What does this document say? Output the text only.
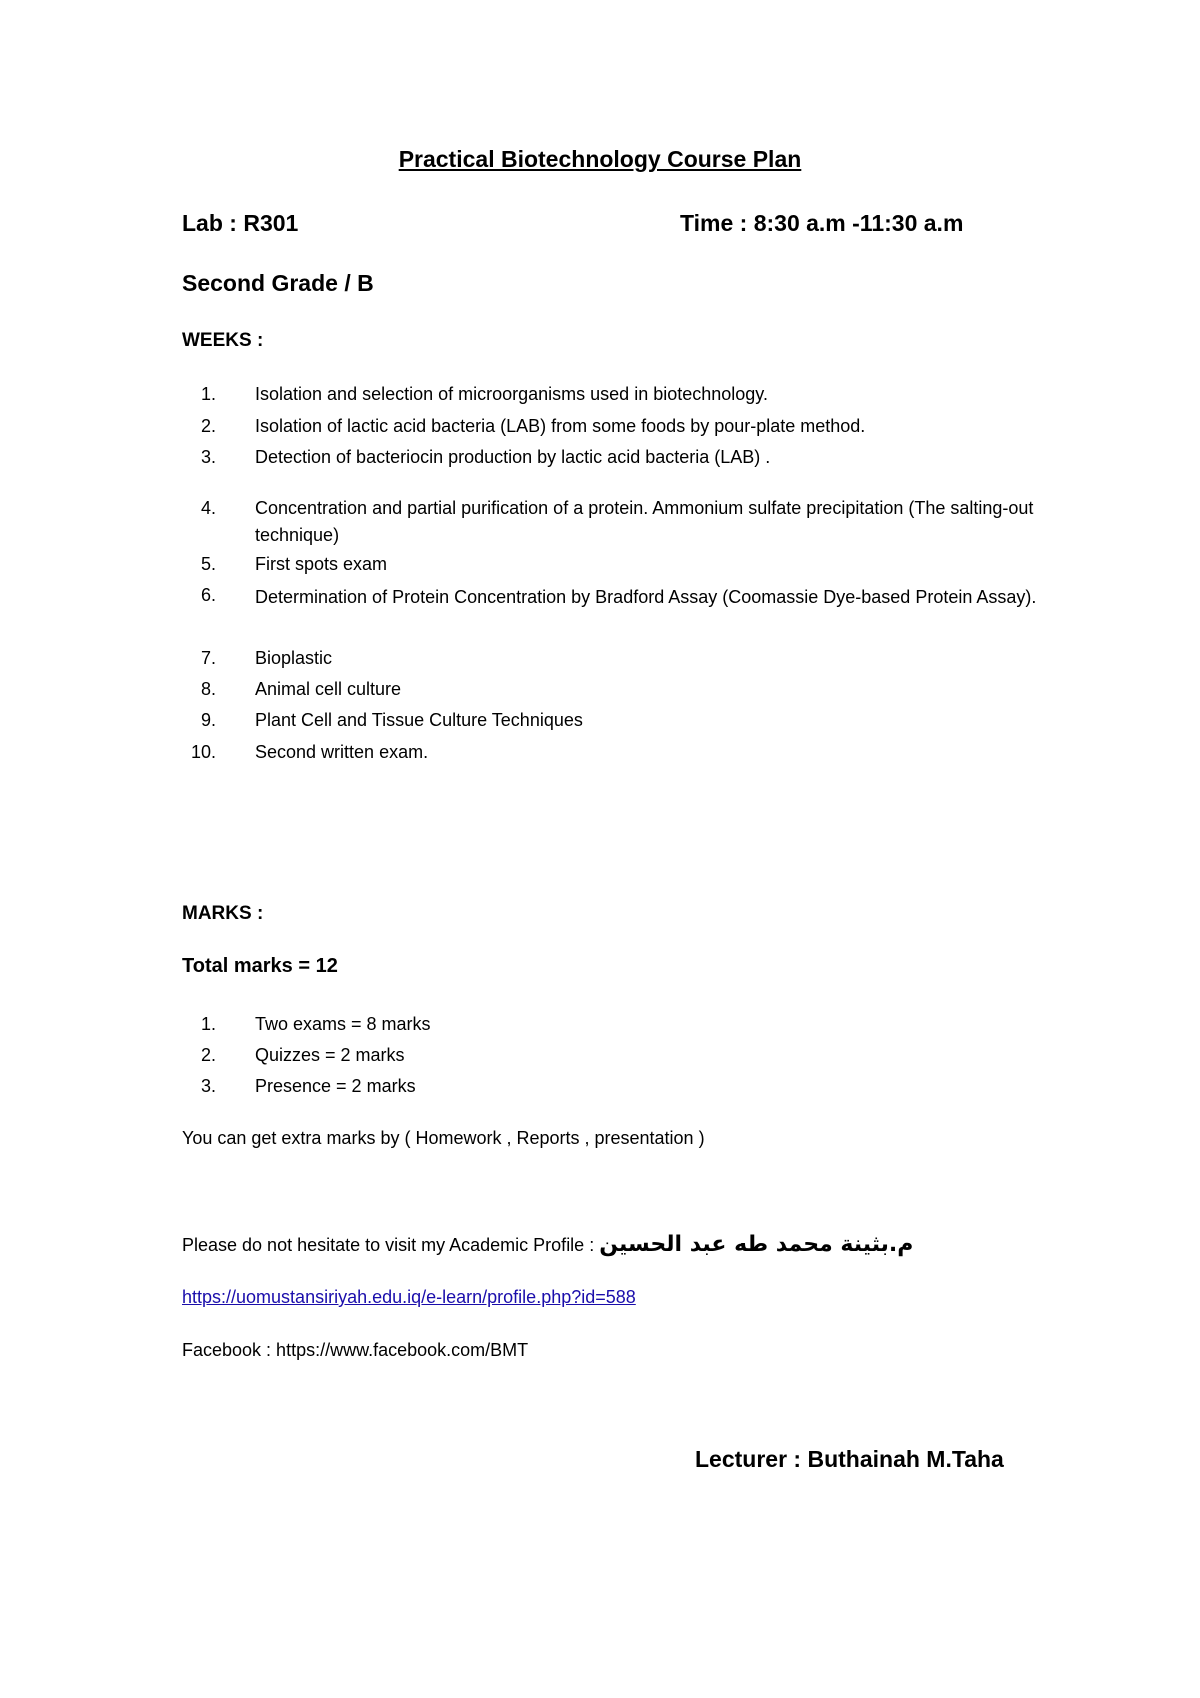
Practical Biotechnology Course Plan
Lab : R301	Time : 8:30 a.m -11:30 a.m
Second Grade / B
WEEKS :
1. Isolation and selection of microorganisms used in biotechnology.
2. Isolation of lactic acid bacteria (LAB) from some foods by pour-plate method.
3. Detection of bacteriocin production by lactic acid bacteria (LAB) .
4. Concentration and partial purification of a protein. Ammonium sulfate precipitation (The salting-out technique)
5. First spots exam
6. Determination of Protein Concentration by Bradford Assay (Coomassie Dye-based Protein Assay).
7. Bioplastic
8. Animal cell culture
9. Plant Cell and Tissue Culture Techniques
10. Second written exam.
MARKS :
Total marks = 12
1. Two exams = 8 marks
2. Quizzes = 2 marks
3. Presence = 2 marks
You can get extra marks by ( Homework , Reports , presentation )
Please do not hesitate to visit my Academic Profile : م.بثينة محمد طه عبد الحسين
https://uomustansiriyah.edu.iq/e-learn/profile.php?id=588
Facebook : https://www.facebook.com/BMT
Lecturer : Buthainah M.Taha
